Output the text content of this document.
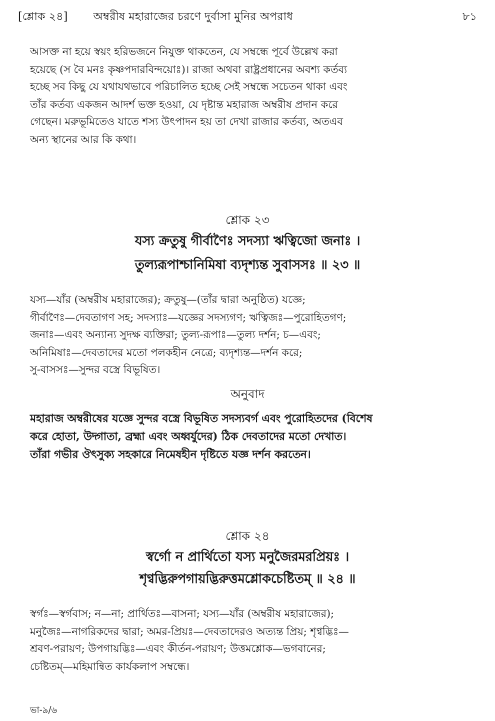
[শ্লোক ২৪] অম্বরীষ মহারাজের চরণে দুর্বাসা মুনির অপরাধ	৮১
আসক্ত না হয়ে স্বয়ং হরিভজনে নিযুক্ত থাকতেন, যে সম্বন্ধে পূর্বে উল্লেখ করা
হয়েছে (স বৈ মনঃ কৃষ্ণপদারবিন্দয়োঃ)। রাজা অথবা রাষ্ট্রপ্রধানের অবশ্য কর্তব্য
হচ্ছে সব কিছু যে যথাযথভাবে পরিচালিত হচ্ছে সেই সম্বন্ধে সচেতন থাকা এবং
তাঁর কর্তব্য একজন আদর্শ ভক্ত হওয়া, যে দৃষ্টান্ত মহারাজ অম্বরীষ প্রদান করে
গেছেন। মরুভূমিতেও যাতে শস্য উৎপাদন হয় তা দেখা রাজার কর্তব্য, অতএব
অন্য স্থানের আর কি কথা।
শ্লোক ২৩
যস্য ক্রতুষু গীর্বাণৈঃ সদস্যা ঋত্বিজো জনাঃ ।
তুল্যরূপাশ্চানিমিষা ব্যদৃশ্যন্ত সুবাসসঃ ॥ ২৩ ॥
যস্য—যাঁর (অম্বরীষ মহারাজের); ক্রতুষু—(তাঁর দ্বারা অনুষ্ঠিত) যজ্ঞে;
গীর্বাণৈঃ—দেবতাগণ সহ; সদস্যাঃ—যজ্ঞের সদস্যগণ; ঋত্বিজঃ—পুরোহিতগণ;
জনাঃ—এবং অন্যান্য সুদক্ষ ব্যক্তিরা; তুল্য-রূপাঃ—তুল্য দর্শন; চ—এবং;
অনিমিষাঃ—দেবতাদের মতো পলকহীন নেত্রে; ব্যদৃশ্যন্ত—দর্শন করে;
সু-বাসসঃ—সুন্দর বস্ত্রে বিভূষিত।
অনুবাদ
মহারাজ অম্বরীষের যজ্ঞে সুন্দর বস্ত্রে বিভূষিত সদস্যবর্গ এবং পুরোহিতদের (বিশেষ
করে হোতা, উদ্গাতা, ব্রহ্মা এবং অধ্বর্যুদের) ঠিক দেবতাদের মতো দেখাত।
তাঁরা গভীর ঔৎসুক্য সহকারে নিমেষহীন দৃষ্টিতে যজ্ঞ দর্শন করতেন।
শ্লোক ২৪
স্বর্গো ন প্রার্থিতো যস্য মনুজৈরমরপ্রিয়ঃ ।
শৃণ্বদ্ভিরুপগায়দ্ভিরুত্তমশ্লোকচেষ্টিতম্ ॥ ২৪ ॥
স্বর্গঃ—স্বর্গবাস; ন—না; প্রার্থিতঃ—বাসনা; যস্য—যাঁর (অম্বরীষ মহারাজের);
মনুজৈঃ—নাগরিকদের দ্বারা; অমর-প্রিয়ঃ—দেবতাদেরও অত্যন্ত প্রিয়; শৃণ্বদ্ভিঃ—
শ্রবণ-পরায়ণ; উপগায়দ্ভিঃ—এবং কীর্তন-পরায়ণ; উত্তমশ্লোক—ভগবানের;
চেষ্টিতম্—মহিমান্বিত কার্যকলাপ সম্বন্ধে।
ভা-৯/৬
